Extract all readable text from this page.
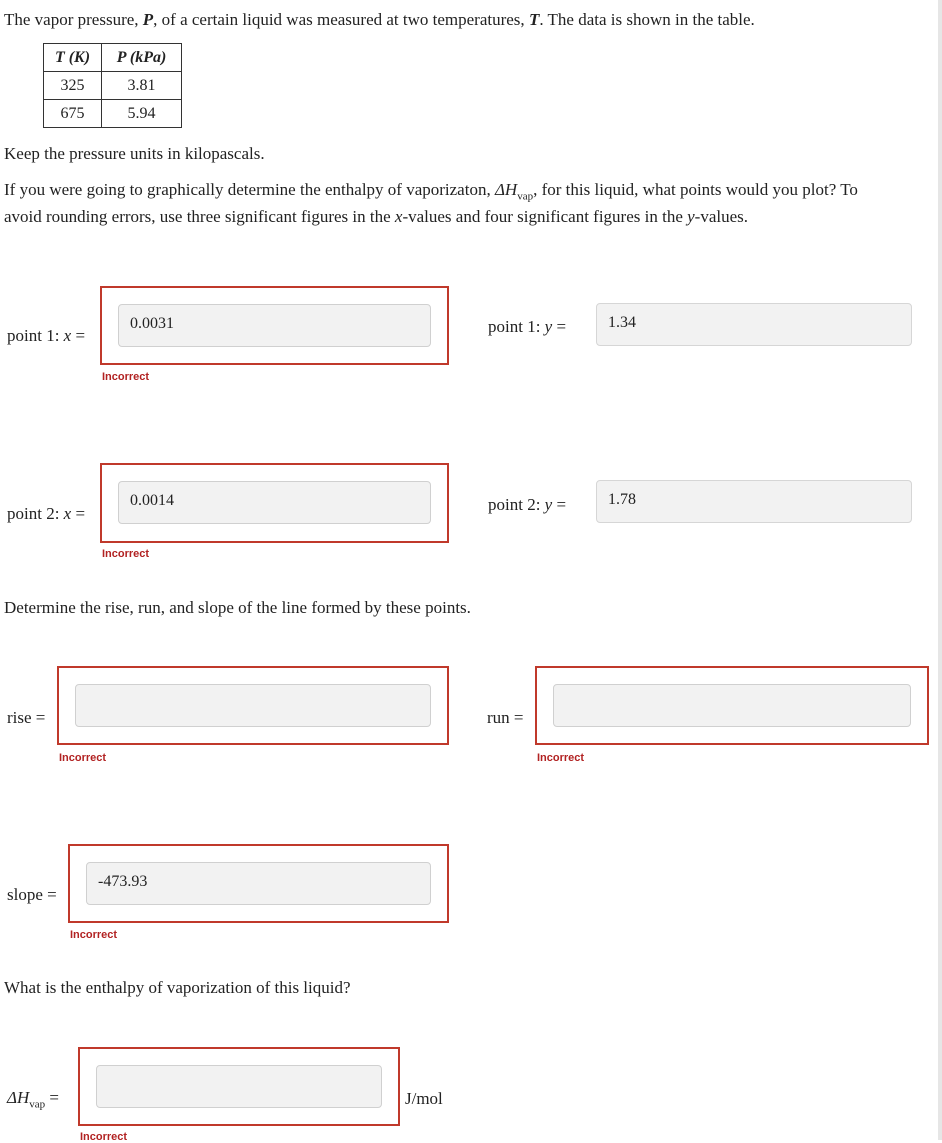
The vapor pressure, P, of a certain liquid was measured at two temperatures, T. The data is shown in the table.
T (K)	P (kPa)
325	3.81
675	5.94
Keep the pressure units in kilopascals.
If you were going to graphically determine the enthalpy of vaporizaton, $\Delta H_{vap}$, for this liquid, what points would you plot? To
avoid rounding errors, use three significant figures in the x-values and four significant figures in the y-values.
point 1: x =
0.0031
Incorrect
point 1: y =	1.34
point 2: x =
0.0014
Incorrect
point 2: y =	1.78
Determine the rise, run, and slope of the line formed by these points.
rise =
Incorrect
run =
Incorrect
slope =
-473.93
Incorrect
What is the enthalpy of vaporization of this liquid?
$\Delta H_{vap}$ =	J/mol
Incorrect
